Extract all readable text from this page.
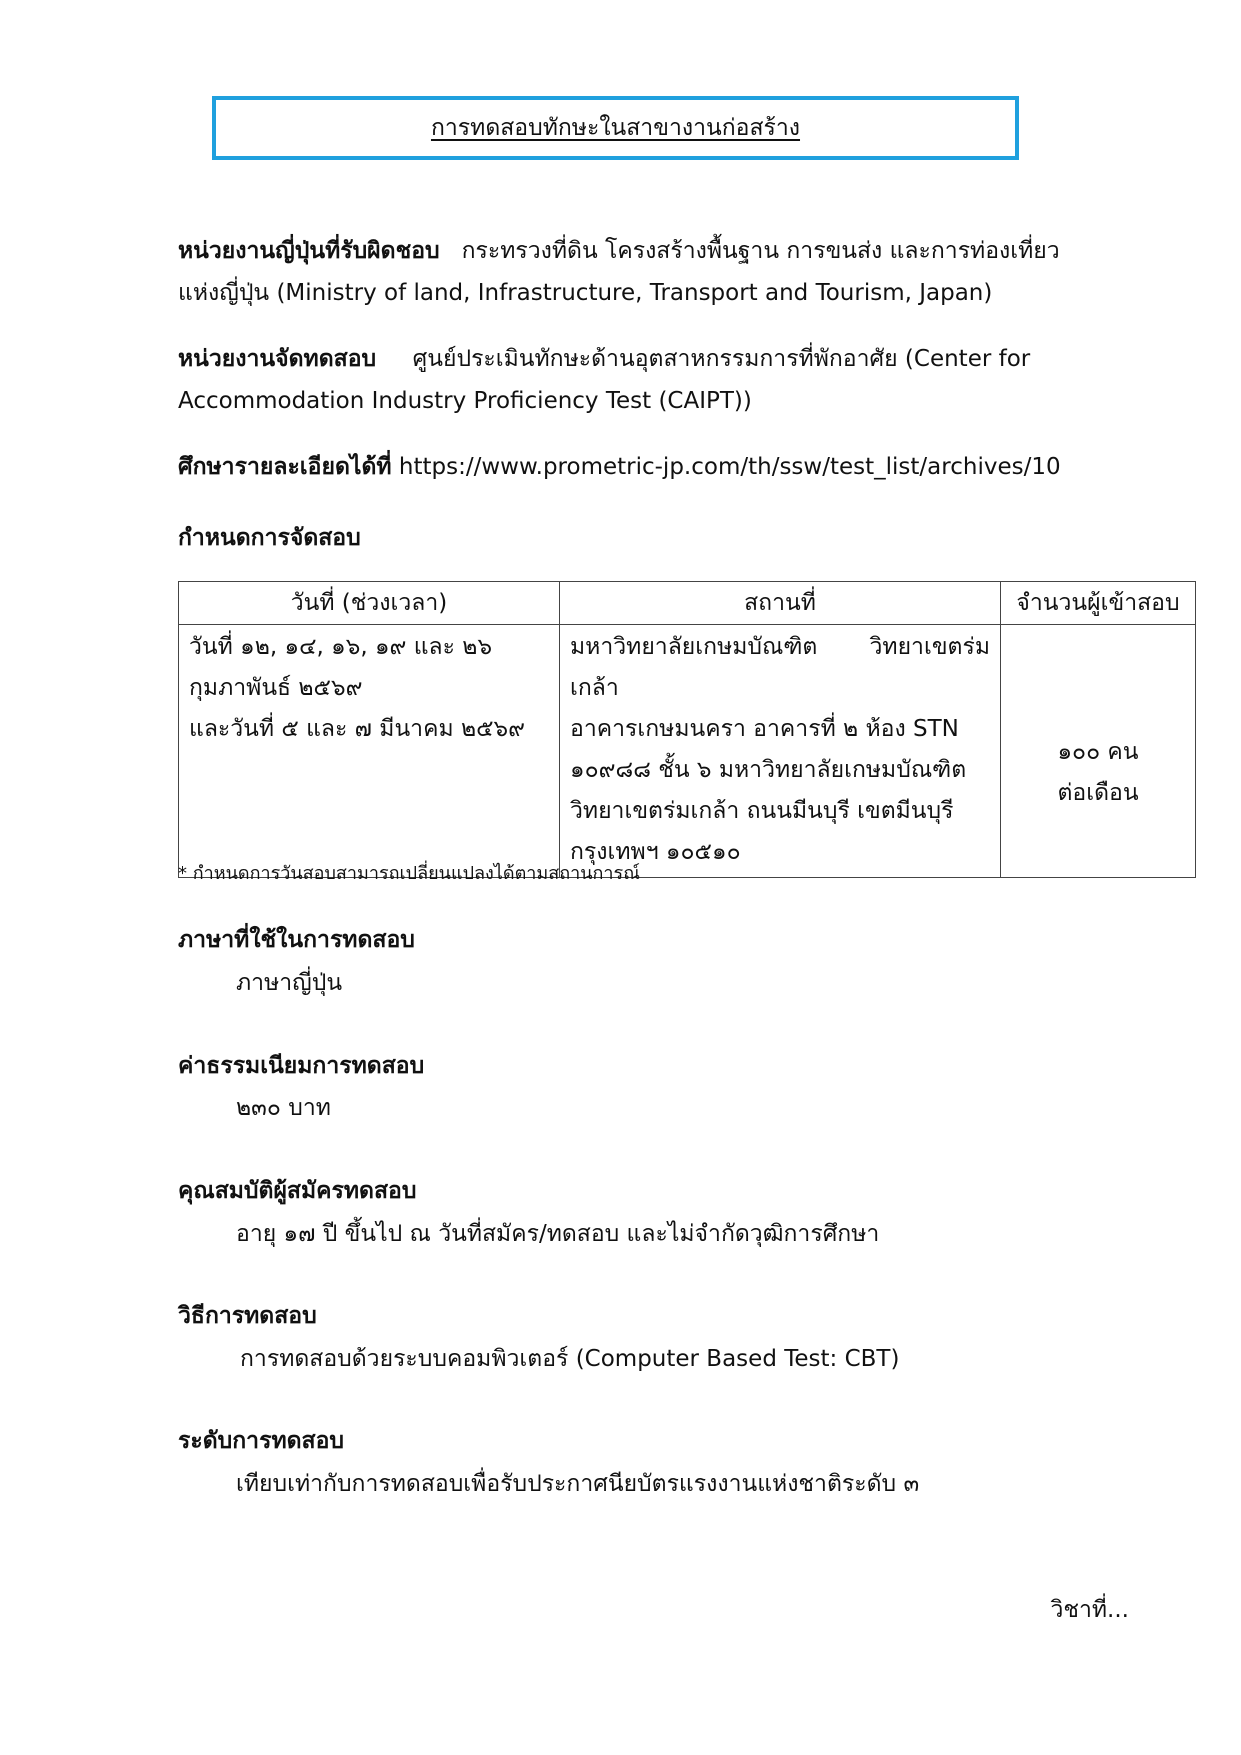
การทดสอบทักษะในสาขางานก่อสร้าง
หน่วยงานญี่ปุ่นที่รับผิดชอบ กระทรวงที่ดิน โครงสร้างพื้นฐาน การขนส่ง และการท่องเที่ยว
แห่งญี่ปุ่น (Ministry of land, Infrastructure, Transport and Tourism, Japan)
หน่วยงานจัดทดสอบ ศูนย์ประเมินทักษะด้านอุตสาหกรรมการที่พักอาศัย (Center for
Accommodation Industry Proficiency Test (CAIPT))
ศึกษารายละเอียดได้ที่ https://www.prometric-jp.com/th/ssw/test_list/archives/10
กำหนดการจัดสอบ
วันที่ (ช่วงเวลา)	สถานที่	จำนวนผู้เข้าสอบ

วันที่ ๑๒, ๑๔, ๑๖, ๑๙ และ ๒๖
กุมภาพันธ์ ๒๕๖๙
และวันที่ ๕ และ ๗ มีนาคม ๒๕๖๙	มหาวิทยาลัยเกษมบัณฑิต วิทยาเขตร่มเกล้า
อาคารเกษมนครา อาคารที่ ๒ ห้อง STN
๑๐๙๘๘ ชั้น ๖ มหาวิทยาลัยเกษมบัณฑิต
วิทยาเขตร่มเกล้า ถนนมีนบุรี เขตมีนบุรี
กรุงเทพฯ ๑๐๕๑๐	๑๐๐ คน
ต่อเดือน
* กำหนดการวันสอบสามารถเปลี่ยนแปลงได้ตามสถานการณ์
ภาษาที่ใช้ในการทดสอบ
ภาษาญี่ปุ่น
ค่าธรรมเนียมการทดสอบ
๒๓๐ บาท
คุณสมบัติผู้สมัครทดสอบ
อายุ ๑๗ ปี ขึ้นไป ณ วันที่สมัคร/ทดสอบ และไม่จำกัดวุฒิการศึกษา
วิธีการทดสอบ
การทดสอบด้วยระบบคอมพิวเตอร์ (Computer Based Test: CBT)
ระดับการทดสอบ
เทียบเท่ากับการทดสอบเพื่อรับประกาศนียบัตรแรงงานแห่งชาติระดับ ๓
วิชาที่...
